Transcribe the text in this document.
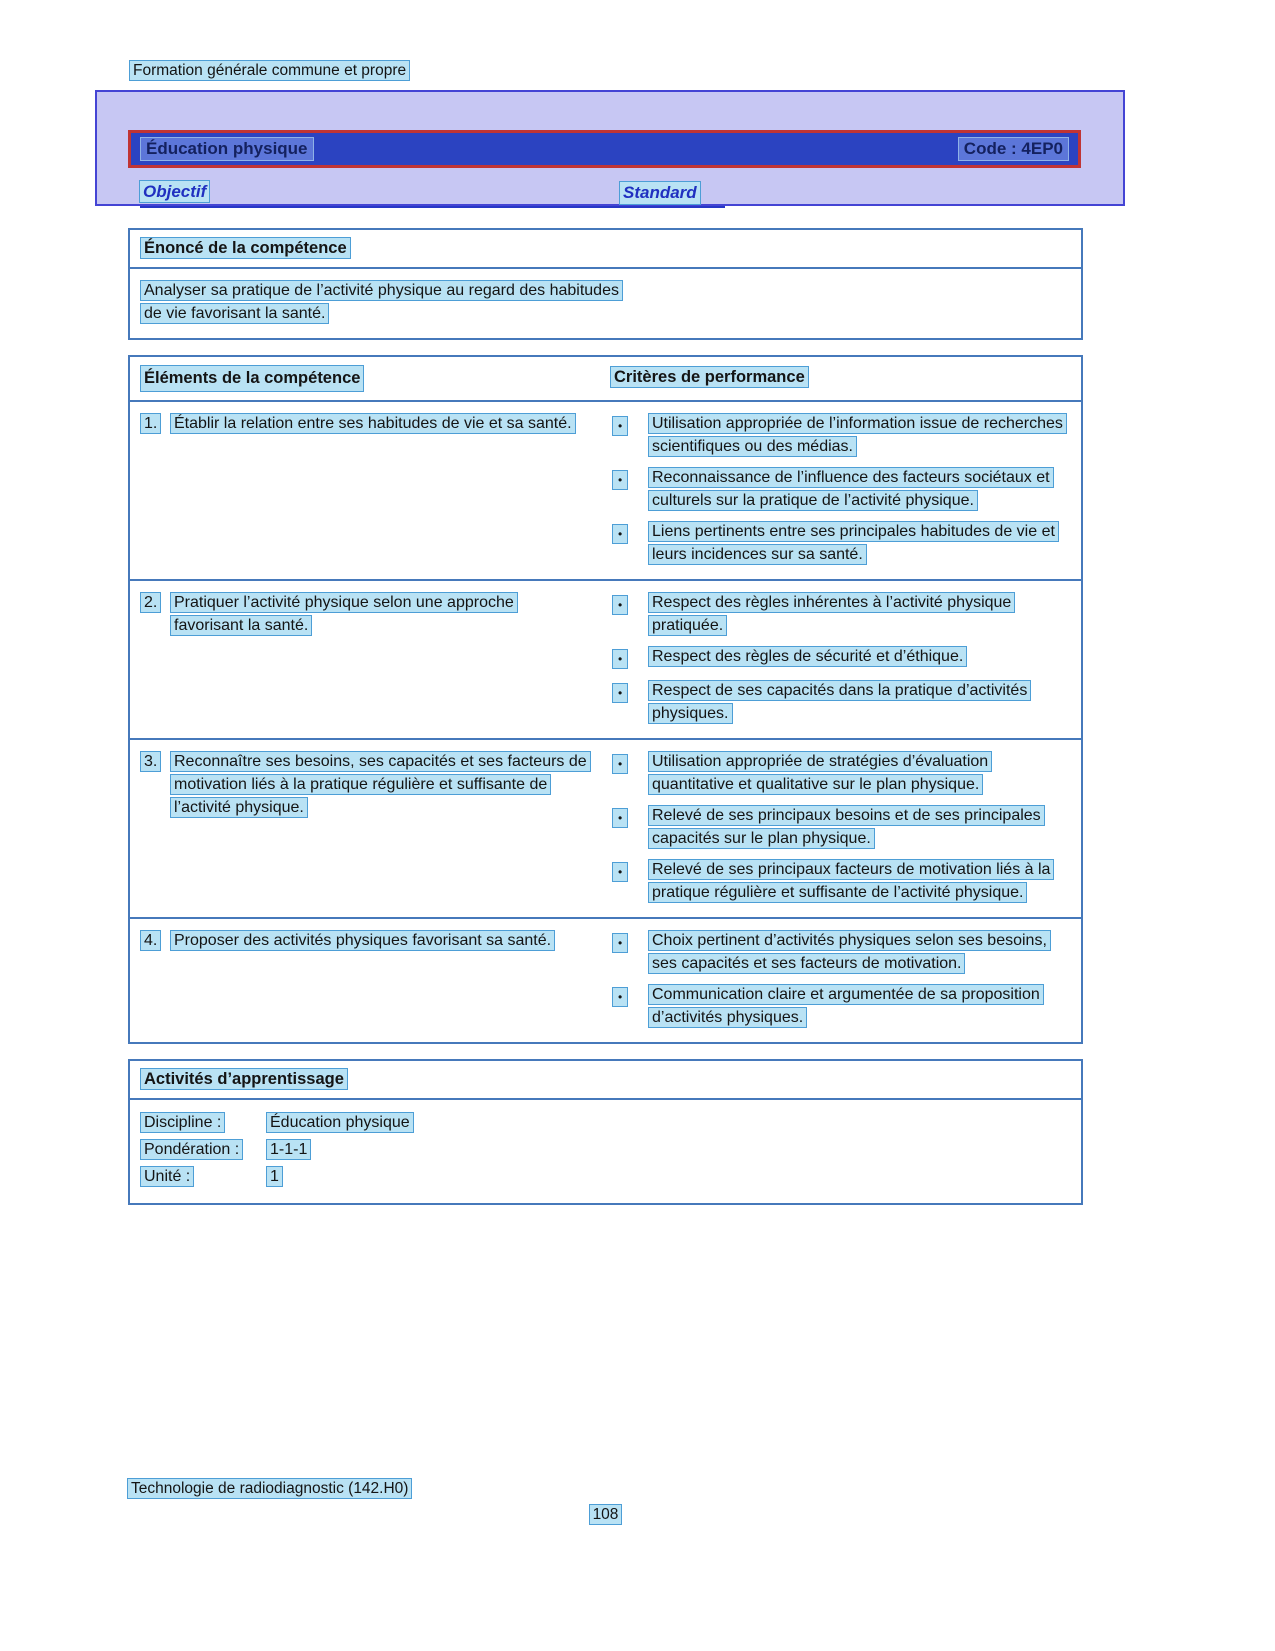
Formation générale commune et propre
Éducation physique	Code : 4EP0
Objectif	Standard
Énoncé de la compétence
Analyser sa pratique de l’activité physique au regard des habitudes de vie favorisant la santé.
Éléments de la compétence	Critères de performance
1.	Établir la relation entre ses habitudes de vie et sa santé.	•	Utilisation appropriée de l’information issue de recherches scientifiques ou des médias.
•	Reconnaissance de l’influence des facteurs sociétaux et culturels sur la pratique de l’activité physique.
•	Liens pertinents entre ses principales habitudes de vie et leurs incidences sur sa santé.
2.	Pratiquer l’activité physique selon une approche favorisant la santé.
•	Respect des règles inhérentes à l’activité physique pratiquée.
•	Respect des règles de sécurité et d’éthique.
•	Respect de ses capacités dans la pratique d’activités physiques.
3.	Reconnaître ses besoins, ses capacités et ses facteurs de motivation liés à la pratique régulière et suffisante de l’activité physique.
•	Utilisation appropriée de stratégies d’évaluation quantitative et qualitative sur le plan physique.
•	Relevé de ses principaux besoins et de ses principales capacités sur le plan physique.
•	Relevé de ses principaux facteurs de motivation liés à la pratique régulière et suffisante de l’activité physique.
4.	Proposer des activités physiques favorisant sa santé.	•	Choix pertinent d’activités physiques selon ses besoins, ses capacités et ses facteurs de motivation.
•	Communication claire et argumentée de sa proposition d’activités physiques.
Activités d’apprentissage
Discipline :	Éducation physique
Pondération :	1-1-1
Unité :	1
Technologie de radiodiagnostic (142.H0)
108
